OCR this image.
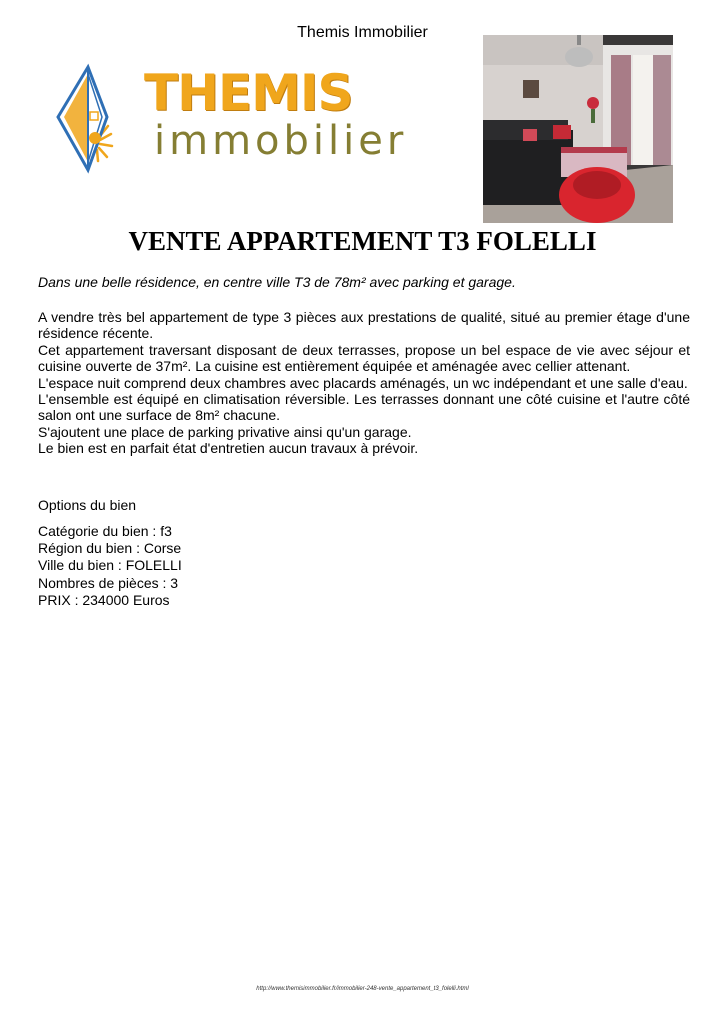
Themis Immobilier
THEMIS
immobilier
VENTE APPARTEMENT T3 FOLELLI
Dans une belle résidence, en centre ville T3 de 78m² avec parking et garage.

A vendre très bel appartement de type 3 pièces aux prestations de qualité, situé au premier étage d'une résidence récente.

Cet appartement traversant disposant de deux terrasses, propose un bel espace de vie avec séjour et cuisine ouverte de 37m². La cuisine est entièrement équipée et aménagée avec cellier attenant.

L'espace nuit comprend deux chambres avec placards aménagés, un wc indépendant et une salle d'eau.

L'ensemble est équipé en climatisation réversible. Les terrasses donnant une côté cuisine et l'autre côté salon ont une surface de 8m² chacune.

S'ajoutent une place de parking privative ainsi qu'un garage.

Le bien est en parfait état d'entretien aucun travaux à prévoir.

Options du bien
Catégorie du bien : f3
Région du bien : Corse
Ville du bien : FOLELLI
Nombres de pièces : 3
PRIX : 234000 Euros
http://www.themisimmobilier.fr/immobilier-248-vente_appartement_t3_folelli.html
